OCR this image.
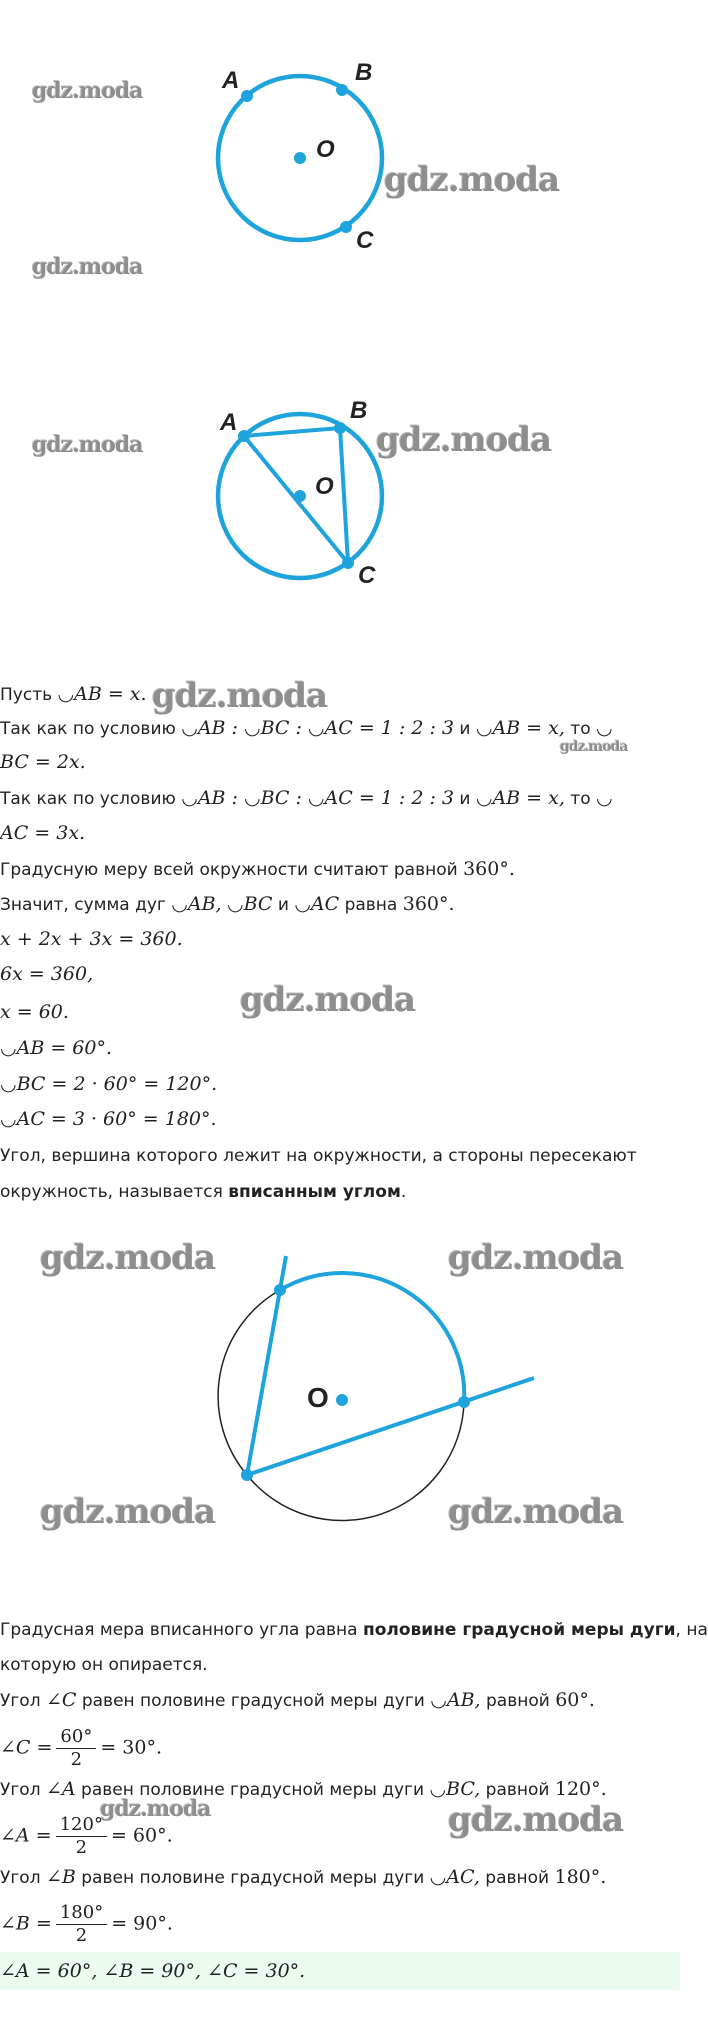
A	B
O
C
A	B
O
C
Пусть ◡AB = x.
Так как по условию ◡AB : ◡BC : ◡AC = 1 : 2 : 3 и ◡AB = x, то ◡
BC = 2x.
Так как по условию ◡AB : ◡BC : ◡AC = 1 : 2 : 3 и ◡AB = x, то ◡
AC = 3x.
Градусную меру всей окружности считают равной 360°.
Значит, сумма дуг ◡AB, ◡BC и ◡AC равна 360°.
x + 2x + 3x = 360.
6x = 360,
x = 60.
◡AB = 60°.
◡BC = 2 · 60° = 120°.
◡AC = 3 · 60° = 180°.
Угол, вершина которого лежит на окружности, а стороны пересекают
окружность, называется вписанным углом.
O
Градусная мера вписанного угла равна половине градусной меры дуги, на
которую он опирается.
Угол ∠C равен половине градусной меры дуги ◡AB, равной 60°.
∠C = $\frac{60^\circ}{2} = 30^\circ$.
Угол ∠A равен половине градусной меры дуги ◡BC, равной 120°.
∠A = $\frac{120^\circ}{2} = 60^\circ$.
Угол ∠B равен половине градусной меры дуги ◡AC, равной 180°.
∠B = $\frac{180^\circ}{2} = 90^\circ$.
∠A = 60°, ∠B = 90°, ∠C = 30°.
gdz.moda
gdz.moda
gdz.moda
gdz.moda	gdz.moda
gdz.moda
gdz.moda
gdz.moda
gdz.moda	gdz.moda
gdz.moda	gdz.moda
gdz.moda	gdz.moda
